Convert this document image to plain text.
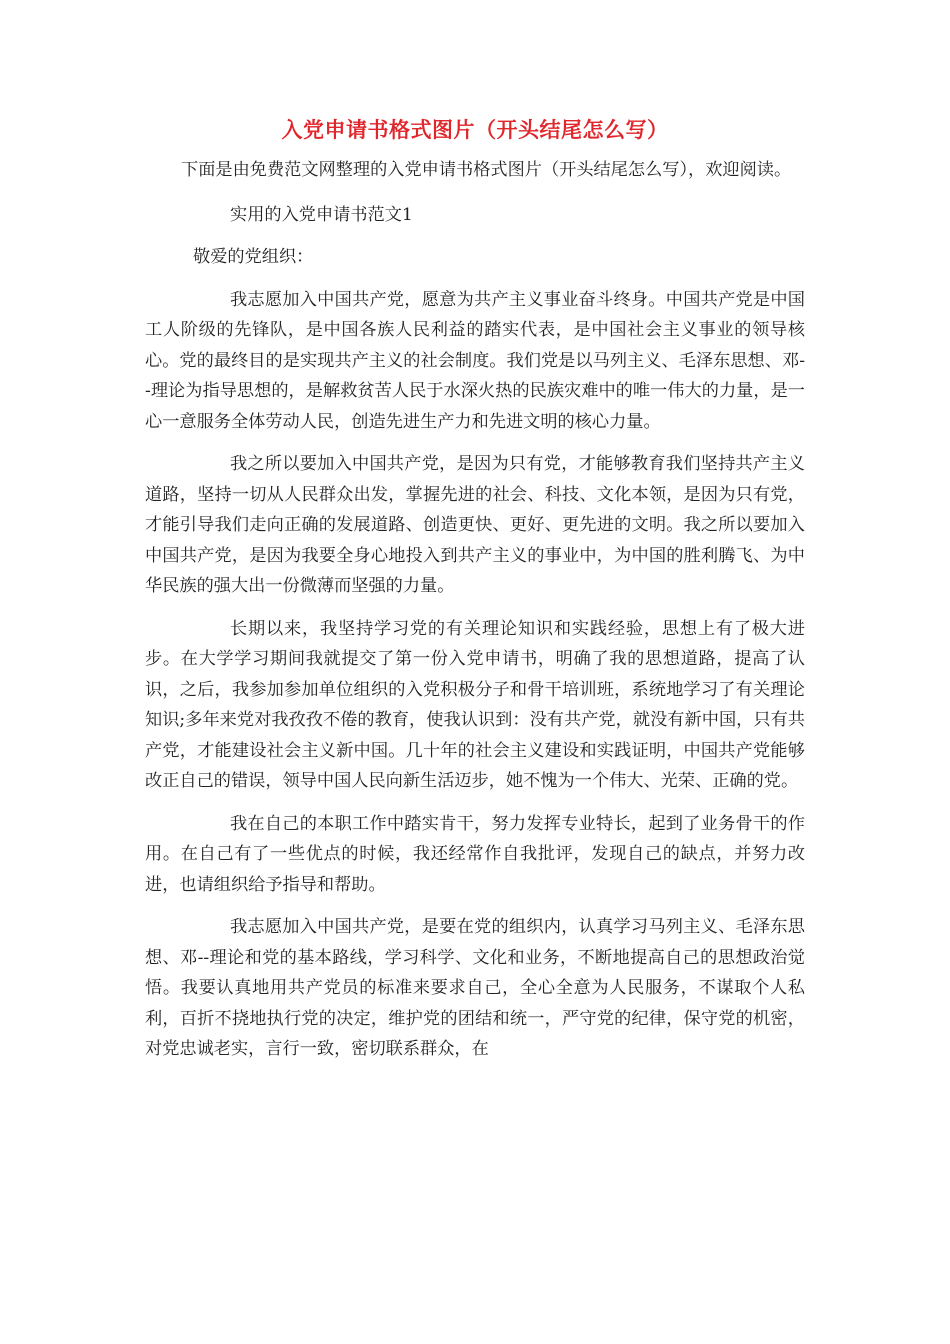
入党申请书格式图片（开头结尾怎么写）

下面是由免费范文网整理的入党申请书格式图片（开头结尾怎么写），欢迎阅读。

实用的入党申请书范文1

敬爱的党组织：

我志愿加入中国共产党，愿意为共产主义事业奋斗终身。中国共产党是中国工人阶级的先锋队，是中国各族人民利益的踏实代表，是中国社会主义事业的领导核心。党的最终目的是实现共产主义的社会制度。我们党是以马列主义、毛泽东思想、邓--理论为指导思想的，是解救贫苦人民于水深火热的民族灾难中的唯一伟大的力量，是一心一意服务全体劳动人民，创造先进生产力和先进文明的核心力量。

我之所以要加入中国共产党，是因为只有党，才能够教育我们坚持共产主义道路，坚持一切从人民群众出发，掌握先进的社会、科技、文化本领，是因为只有党，才能引导我们走向正确的发展道路、创造更快、更好、更先进的文明。我之所以要加入中国共产党，是因为我要全身心地投入到共产主义的事业中，为中国的胜利腾飞、为中华民族的强大出一份微薄而坚强的力量。

长期以来，我坚持学习党的有关理论知识和实践经验，思想上有了极大进步。在大学学习期间我就提交了第一份入党申请书，明确了我的思想道路，提高了认识，之后，我参加参加单位组织的入党积极分子和骨干培训班，系统地学习了有关理论知识;多年来党对我孜孜不倦的教育，使我认识到：没有共产党，就没有新中国，只有共产党，才能建设社会主义新中国。几十年的社会主义建设和实践证明，中国共产党能够改正自己的错误，领导中国人民向新生活迈步，她不愧为一个伟大、光荣、正确的党。

我在自己的本职工作中踏实肯干，努力发挥专业特长，起到了业务骨干的作用。在自己有了一些优点的时候，我还经常作自我批评，发现自己的缺点，并努力改进，也请组织给予指导和帮助。

我志愿加入中国共产党，是要在党的组织内，认真学习马列主义、毛泽东思想、邓--理论和党的基本路线，学习科学、文化和业务，不断地提高自己的思想政治觉悟。我要认真地用共产党员的标准来要求自己，全心全意为人民服务，不谋取个人私利，百折不挠地执行党的决定，维护党的团结和统一，严守党的纪律，保守党的机密，对党忠诚老实，言行一致，密切联系群众，在
